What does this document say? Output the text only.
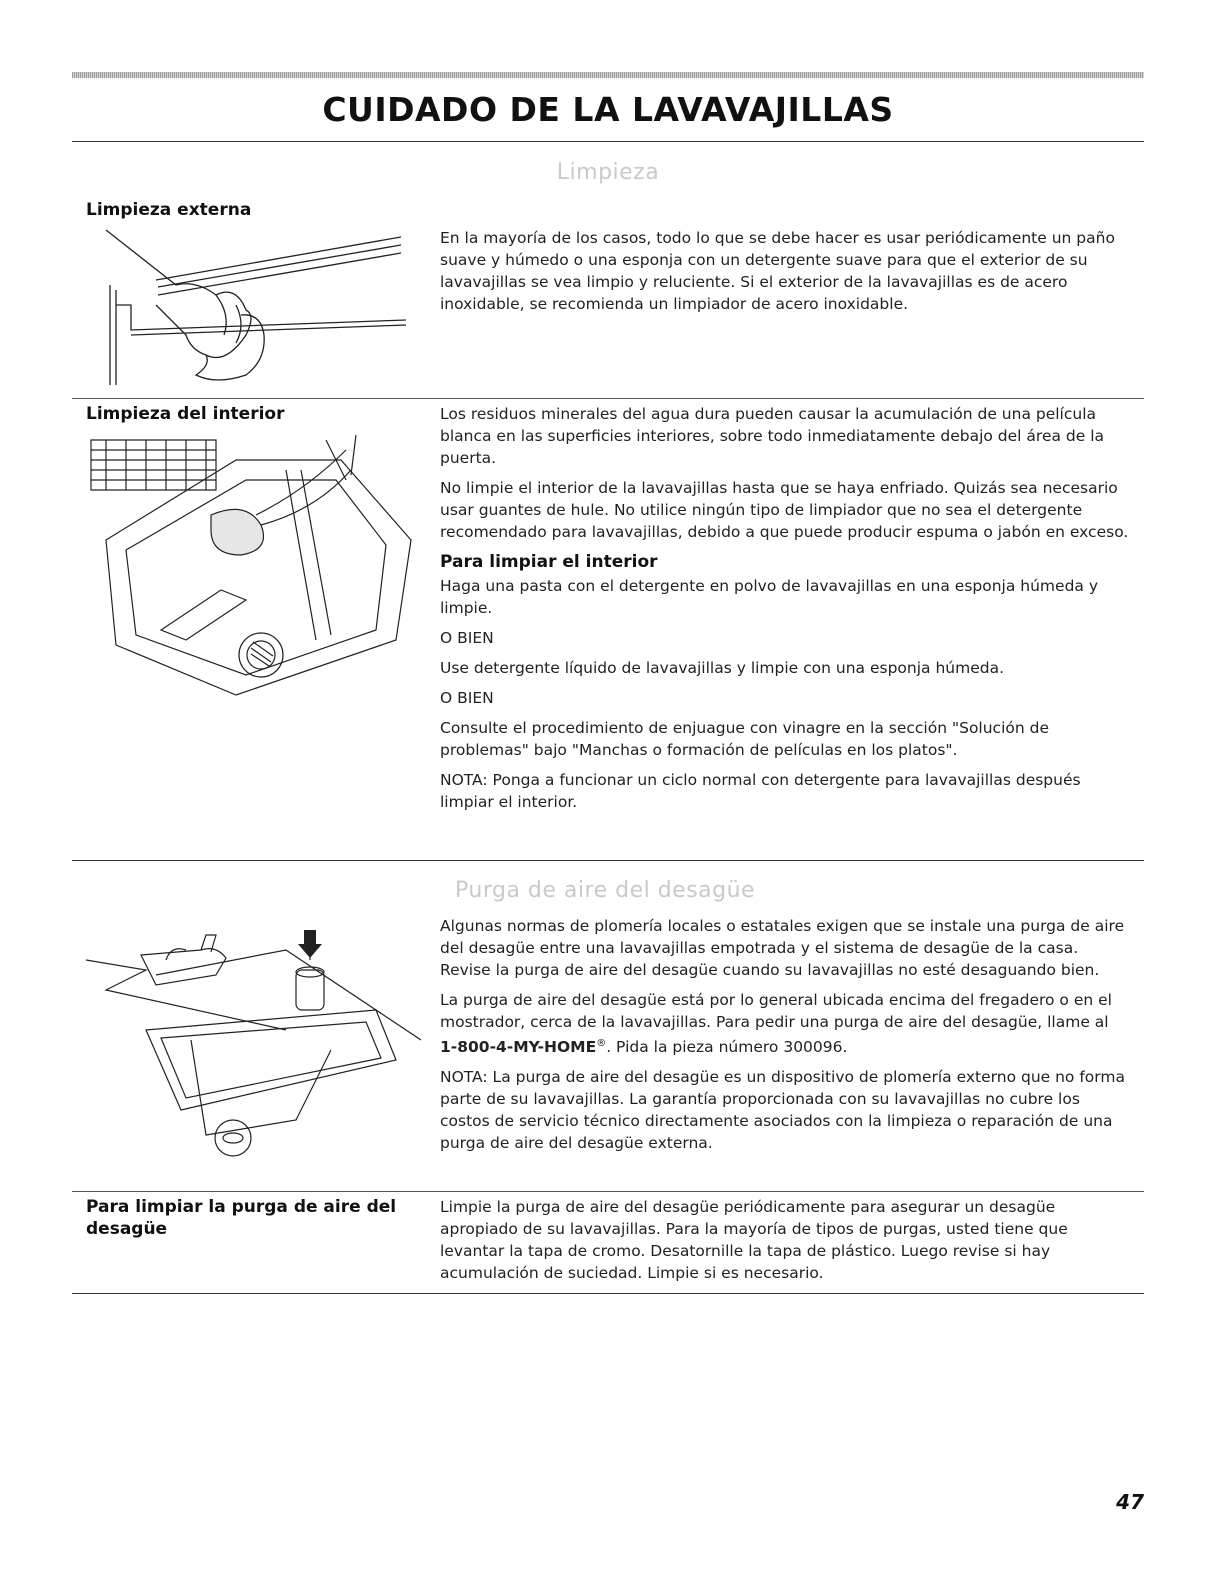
CUIDADO DE LA LAVAVAJILLAS
Limpieza
Limpieza externa
En la mayoría de los casos, todo lo que se debe hacer es usar periódicamente un paño suave y húmedo o una esponja con un detergente suave para que el exterior de su lavavajillas se vea limpio y reluciente. Si el exterior de la lavavajillas es de acero inoxidable, se recomienda un limpiador de acero inoxidable.
Limpieza del interior	Los residuos minerales del agua dura pueden causar la acumulación de una película blanca en las superficies interiores, sobre todo inmediatamente debajo del área de la puerta.

No limpie el interior de la lavavajillas hasta que se haya enfriado. Quizás sea necesario usar guantes de hule. No utilice ningún tipo de limpiador que no sea el detergente recomendado para lavavajillas, debido a que puede producir espuma o jabón en exceso.

Para limpiar el interior

Haga una pasta con el detergente en polvo de lavavajillas en una esponja húmeda y limpie.

O BIEN

Use detergente líquido de lavavajillas y limpie con una esponja húmeda.

O BIEN

Consulte el procedimiento de enjuague con vinagre en la sección "Solución de problemas" bajo "Manchas o formación de películas en los platos".

NOTA: Ponga a funcionar un ciclo normal con detergente para lavavajillas después limpiar el interior.

Purga de aire del desagüe

Algunas normas de plomería locales o estatales exigen que se instale una purga de aire del desagüe entre una lavavajillas empotrada y el sistema de desagüe de la casa. Revise la purga de aire del desagüe cuando su lavavajillas no esté desaguando bien.

La purga de aire del desagüe está por lo general ubicada encima del fregadero o en el mostrador, cerca de la lavavajillas. Para pedir una purga de aire del desagüe, llame al 1-800-4-MY-HOME®. Pida la pieza número 300096.

NOTA: La purga de aire del desagüe es un dispositivo de plomería externo que no forma parte de su lavavajillas. La garantía proporcionada con su lavavajillas no cubre los costos de servicio técnico directamente asociados con la limpieza o reparación de una purga de aire del desagüe externa.

Para limpiar la purga de aire del desagüe
Limpie la purga de aire del desagüe periódicamente para asegurar un desagüe apropiado de su lavavajillas. Para la mayoría de tipos de purgas, usted tiene que levantar la tapa de cromo. Desatornille la tapa de plástico. Luego revise si hay acumulación de suciedad. Limpie si es necesario.
47
